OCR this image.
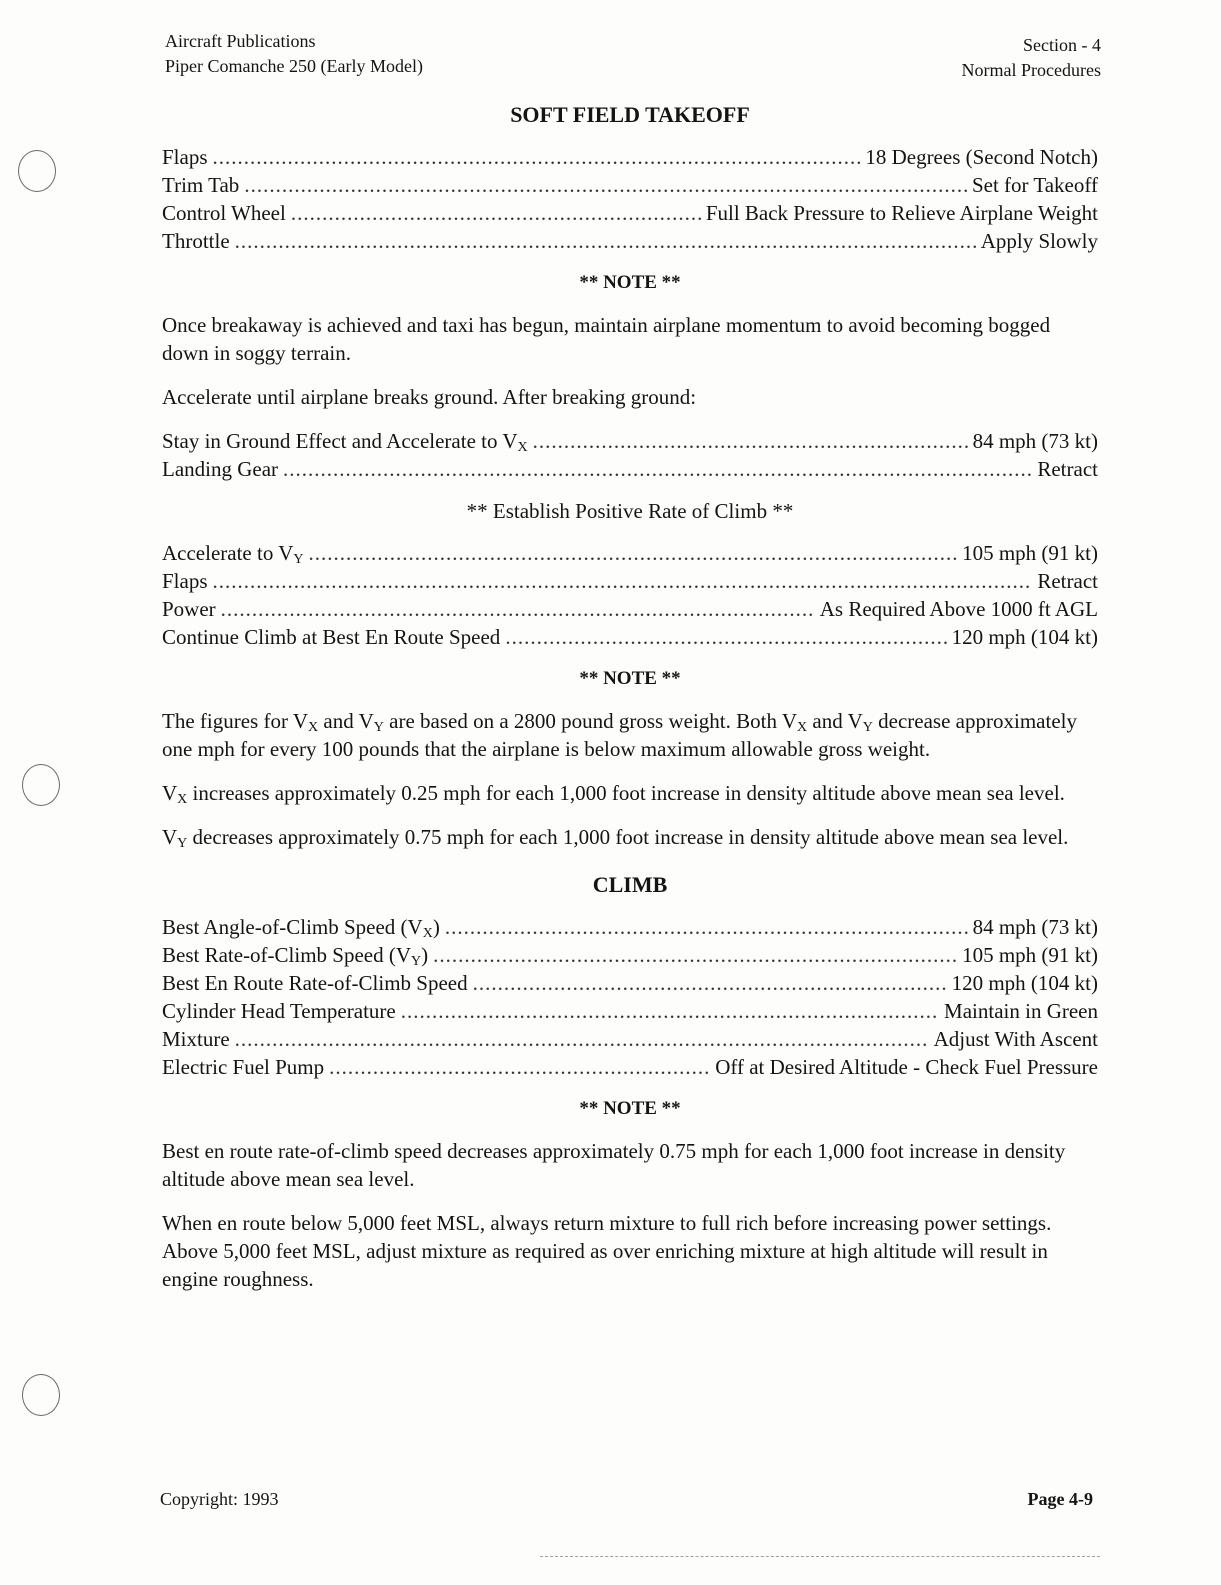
Aircraft Publications
Piper Comanche 250 (Early Model)
Section - 4
Normal Procedures
SOFT FIELD TAKEOFF
Flaps .....	18 Degrees (Second Notch)
Trim Tab .....	Set for Takeoff
Control Wheel .....	Full Back Pressure to Relieve Airplane Weight
Throttle .....	Apply Slowly
** NOTE **

Once breakaway is achieved and taxi has begun, maintain airplane momentum to avoid becoming bogged down in soggy terrain.

Accelerate until airplane breaks ground. After breaking ground:

Stay in Ground Effect and Accelerate to $V_X$ .....	84 mph (73 kt)
Landing Gear .....	Retract
** Establish Positive Rate of Climb **
Accelerate to $V_Y$ .....	105 mph (91 kt)
Flaps .....	Retract
Power .....	As Required Above 1000 ft AGL
Continue Climb at Best En Route Speed .....	120 mph (104 kt)
** NOTE **

The figures for $V_X$ and $V_Y$ are based on a 2800 pound gross weight. Both $V_X$ and $V_Y$ decrease approximately one mph for every 100 pounds that the airplane is below maximum allowable gross weight.

$V_X$ increases approximately 0.25 mph for each 1,000 foot increase in density altitude above mean sea level.

$V_Y$ decreases approximately 0.75 mph for each 1,000 foot increase in density altitude above mean sea level.

CLIMB
Best Angle-of-Climb Speed $(V_X)$ .....	84 mph (73 kt)
Best Rate-of-Climb Speed $(V_Y)$ .....	105 mph (91 kt)
Best En Route Rate-of-Climb Speed .....	120 mph (104 kt)
Cylinder Head Temperature .....	Maintain in Green
Mixture .....	Adjust With Ascent
Electric Fuel Pump .....	Off at Desired Altitude - Check Fuel Pressure
** NOTE **

Best en route rate-of-climb speed decreases approximately 0.75 mph for each 1,000 foot increase in density altitude above mean sea level.

When en route below 5,000 feet MSL, always return mixture to full rich before increasing power settings. Above 5,000 feet MSL, adjust mixture as required as over enriching mixture at high altitude will result in engine roughness.

Copyright: 1993	Page 4-9
